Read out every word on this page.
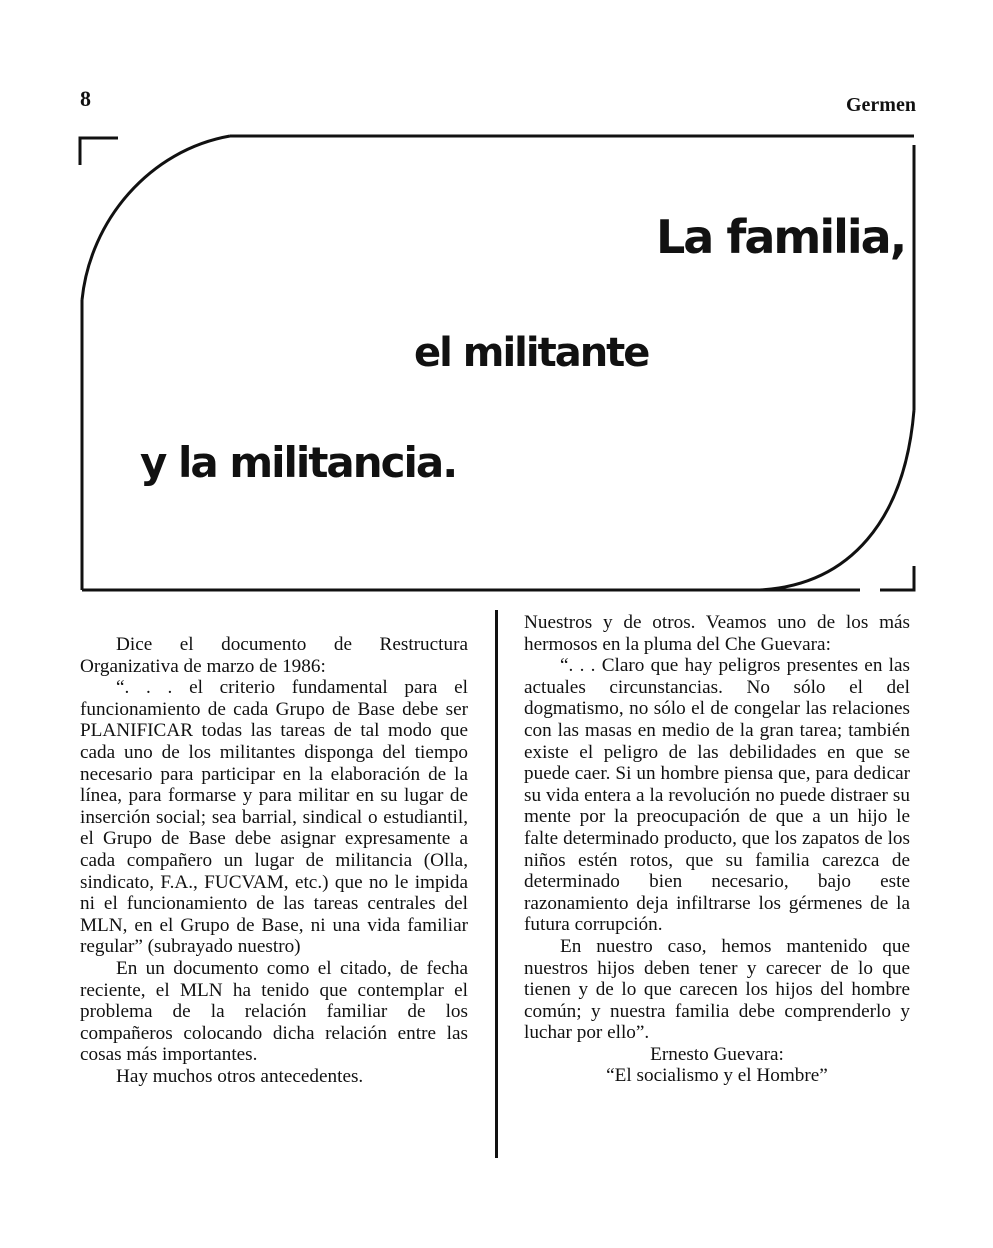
8	Germen
La familia,
el militante
y la militancia.

Dice el documento de Restructura Organizativa de marzo de 1986:

“. . . el criterio fundamental para el funcionamiento de cada Grupo de Base debe ser PLANIFICAR todas las tareas de tal modo que cada uno de los militantes disponga del tiempo necesario para participar en la elaboración de la línea, para formarse y para militar en su lugar de inserción social; sea barrial, sindical o estudiantil, el Grupo de Base debe asignar expresamente a cada compañero un lugar de militancia (Olla, sindicato, F.A., FUCVAM, etc.) que no le impida ni el funcionamiento de las tareas centrales del MLN, en el Grupo de Base, ni una vida familiar regular” (subrayado nuestro)

En un documento como el citado, de fecha reciente, el MLN ha tenido que contemplar el problema de la relación familiar de los compañeros colocando dicha relación entre las cosas más importantes.

Hay muchos otros antecedentes.

Nuestros y de otros. Veamos uno de los más hermosos en la pluma del Che Guevara:

“. . . Claro que hay peligros presentes en las actuales circunstancias. No sólo el del dogmatismo, no sólo el de congelar las relaciones con las masas en medio de la gran tarea; también existe el peligro de las debilidades en que se puede caer. Si un hombre piensa que, para dedicar su vida entera a la revolución no puede distraer su mente por la preocupación de que a un hijo le falte determinado producto, que los zapatos de los niños estén rotos, que su familia carezca de determinado bien necesario, bajo este razonamiento deja infiltrarse los gérmenes de la futura corrupción.

En nuestro caso, hemos mantenido que nuestros hijos deben tener y carecer de lo que tienen y de lo que carecen los hijos del hombre común; y nuestra familia debe comprenderlo y luchar por ello”.

Ernesto Guevara:

“El socialismo y el Hombre”
